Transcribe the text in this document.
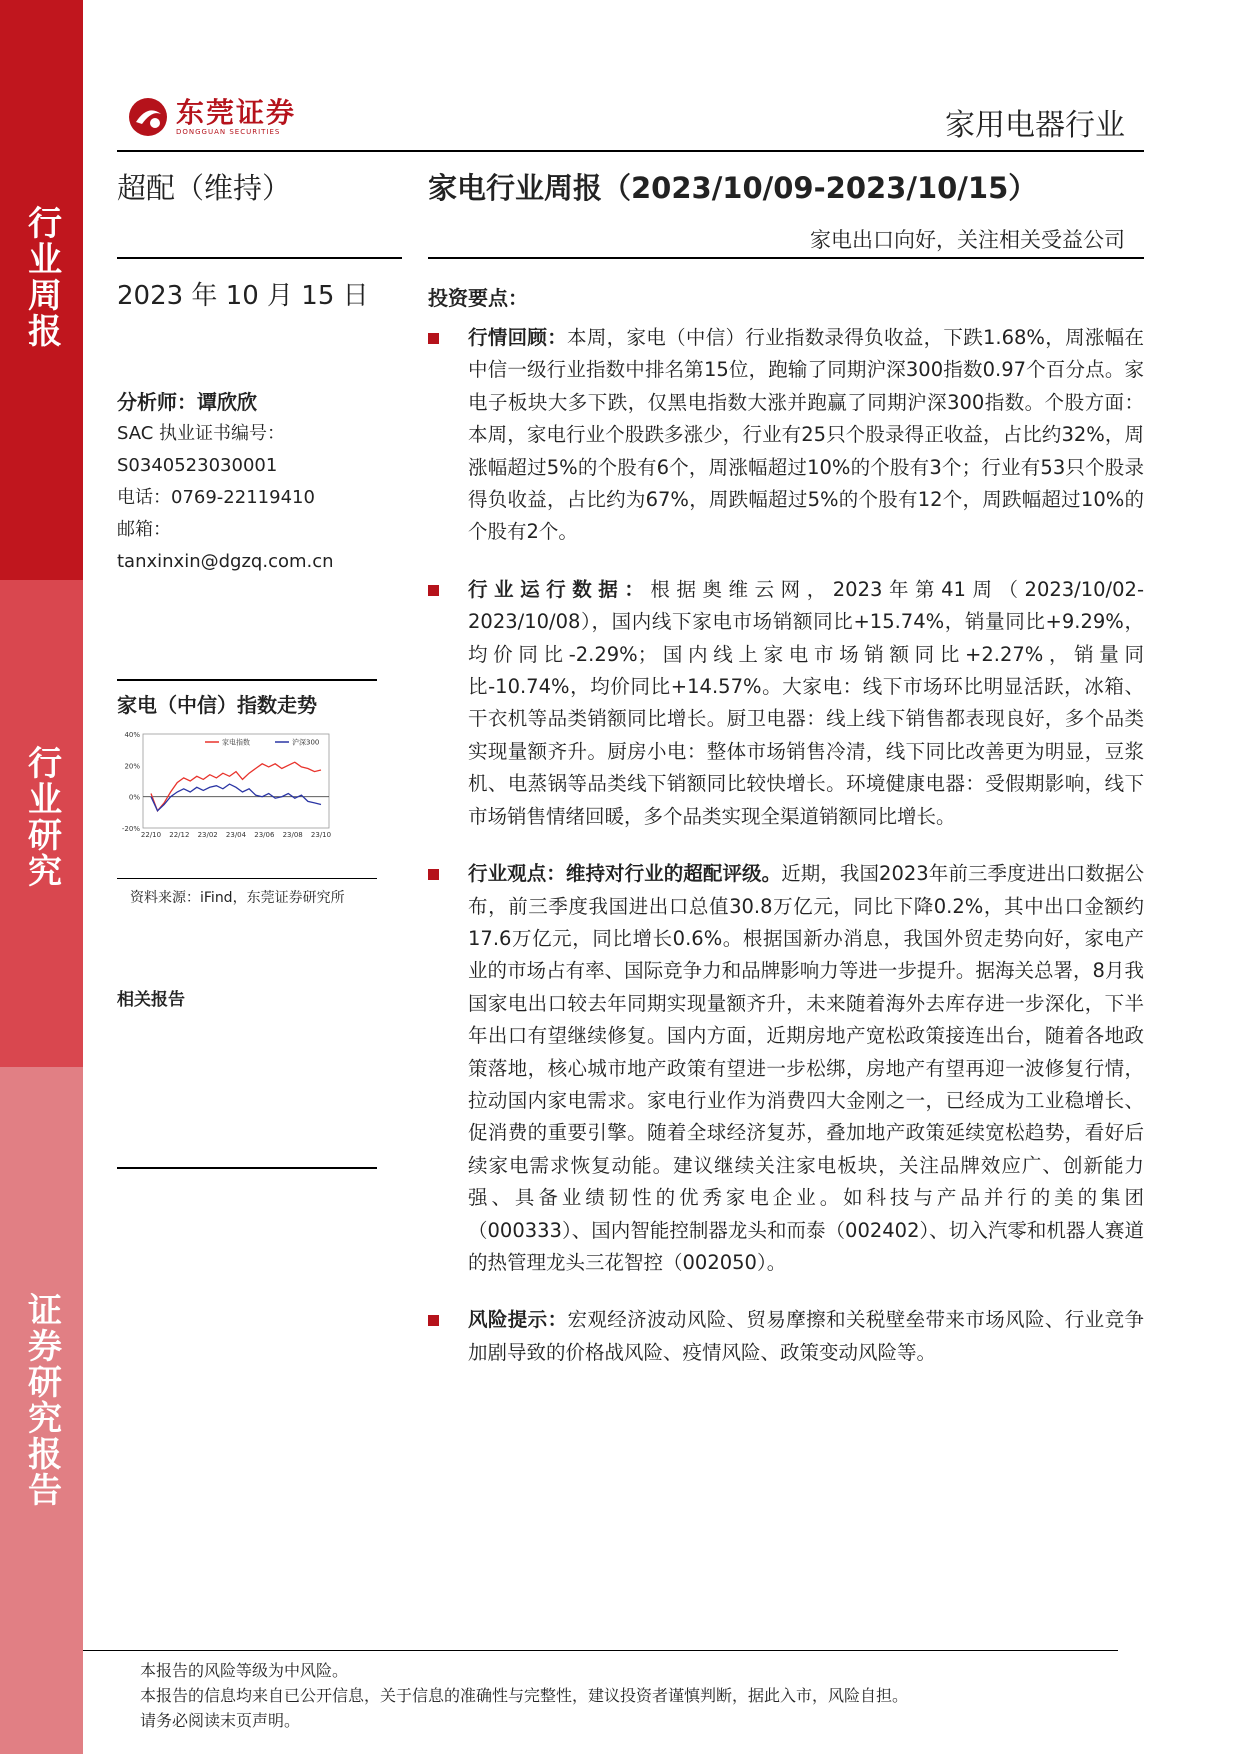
行业周报
行业研究
证券研究报告
东莞证券
DONGGUAN SECURITIES	家用电器行业
超配（维持）	家电行业周报（2023/10/09-2023/10/15）
家电出口向好，关注相关受益公司
2023 年 10 月 15 日	投资要点：
分析师：谭欣欣
SAC 执业证书编号：
S0340523030001
电话：0769-22119410
邮箱：
tanxinxin@dgzq.com.cn
家电（中信）指数走势
40%
20%
0%
-20%
22/10 22/12 23/02 23/04 23/06 23/08 23/10
家电指数	沪深300
资料来源：iFind，东莞证券研究所
相关报告
行情回顾：本周，家电（中信）行业指数录得负收益，下跌1.68%，周涨幅在中信一级行业指数中排名第15位，跑输了同期沪深300指数0.97个百分点。家电子板块大多下跌，仅黑电指数大涨并跑赢了同期沪深300指数。个股方面：本周，家电行业个股跌多涨少，行业有25只个股录得正收益，占比约32%，周涨幅超过5%的个股有6个，周涨幅超过10%的个股有3个；行业有53只个股录得负收益，占比约为67%，周跌幅超过5%的个股有12个，周跌幅超过10%的个股有2个。
行业运行数据：根据奥维云网，2023年第41周（2023/10/02-2023/10/08），国内线下家电市场销额同比+15.74%，销量同比+9.29%，均价同比-2.29%；国内线上家电市场销额同比+2.27%，销量同比-10.74%，均价同比+14.57%。大家电：线下市场环比明显活跃，冰箱、干衣机等品类销额同比增长。厨卫电器：线上线下销售都表现良好，多个品类实现量额齐升。厨房小电：整体市场销售冷清，线下同比改善更为明显，豆浆机、电蒸锅等品类线下销额同比较快增长。环境健康电器：受假期影响，线下市场销售情绪回暖，多个品类实现全渠道销额同比增长。
行业观点：维持对行业的超配评级。近期，我国2023年前三季度进出口数据公布，前三季度我国进出口总值30.8万亿元，同比下降0.2%，其中出口金额约17.6万亿元，同比增长0.6%。根据国新办消息，我国外贸走势向好，家电产业的市场占有率、国际竞争力和品牌影响力等进一步提升。据海关总署，8月我国家电出口较去年同期实现量额齐升，未来随着海外去库存进一步深化，下半年出口有望继续修复。国内方面，近期房地产宽松政策接连出台，随着各地政策落地，核心城市地产政策有望进一步松绑，房地产有望再迎一波修复行情，拉动国内家电需求。家电行业作为消费四大金刚之一，已经成为工业稳增长、促消费的重要引擎。随着全球经济复苏，叠加地产政策延续宽松趋势，看好后续家电需求恢复动能。建议继续关注家电板块，关注品牌效应广、创新能力强、具备业绩韧性的优秀家电企业。如科技与产品并行的美的集团（000333）、国内智能控制器龙头和而泰（002402）、切入汽零和机器人赛道的热管理龙头三花智控（002050）。
风险提示：宏观经济波动风险、贸易摩擦和关税壁垒带来市场风险、行业竞争加剧导致的价格战风险、疫情风险、政策变动风险等。
本报告的风险等级为中风险。
本报告的信息均来自已公开信息，关于信息的准确性与完整性，建议投资者谨慎判断，据此入市，风险自担。
请务必阅读末页声明。
